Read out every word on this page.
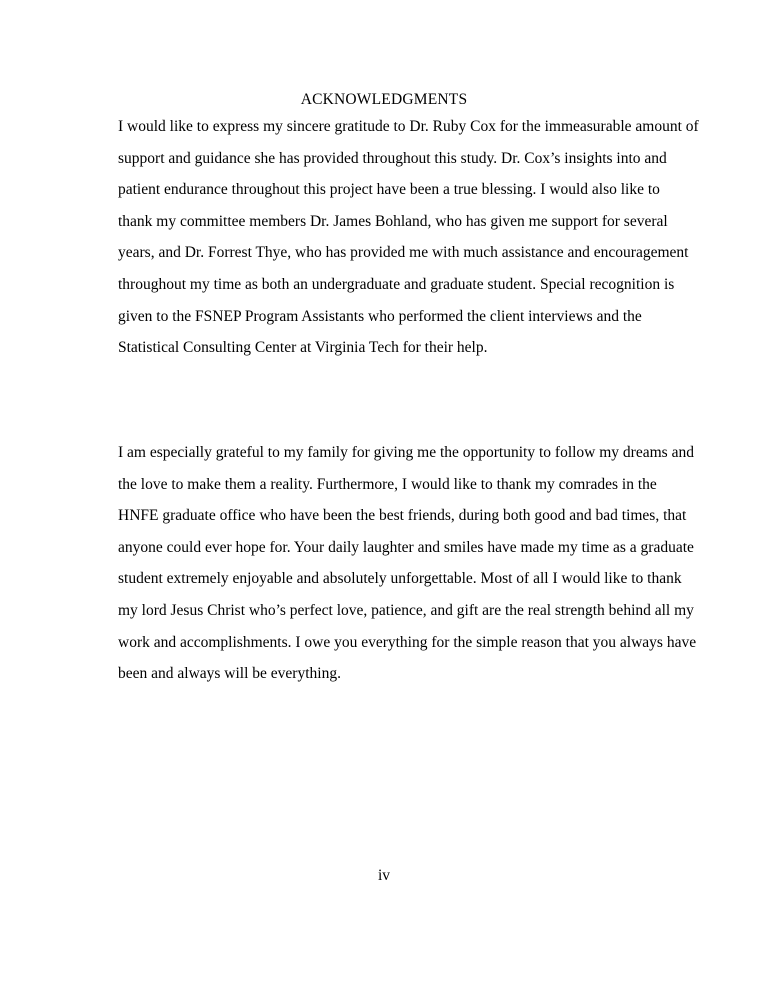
ACKNOWLEDGMENTS
I would like to express my sincere gratitude to Dr. Ruby Cox for the immeasurable amount of
support and guidance she has provided throughout this study. Dr. Cox’s insights into and
patient endurance throughout this project have been a true blessing. I would also like to
thank my committee members Dr. James Bohland, who has given me support for several
years, and Dr. Forrest Thye, who has provided me with much assistance and encouragement
throughout my time as both an undergraduate and graduate student. Special recognition is
given to the FSNEP Program Assistants who performed the client interviews and the
Statistical Consulting Center at Virginia Tech for their help.
I am especially grateful to my family for giving me the opportunity to follow my dreams and
the love to make them a reality. Furthermore, I would like to thank my comrades in the
HNFE graduate office who have been the best friends, during both good and bad times, that
anyone could ever hope for. Your daily laughter and smiles have made my time as a graduate
student extremely enjoyable and absolutely unforgettable. Most of all I would like to thank
my lord Jesus Christ who’s perfect love, patience, and gift are the real strength behind all my
work and accomplishments. I owe you everything for the simple reason that you always have
been and always will be everything.
iv
